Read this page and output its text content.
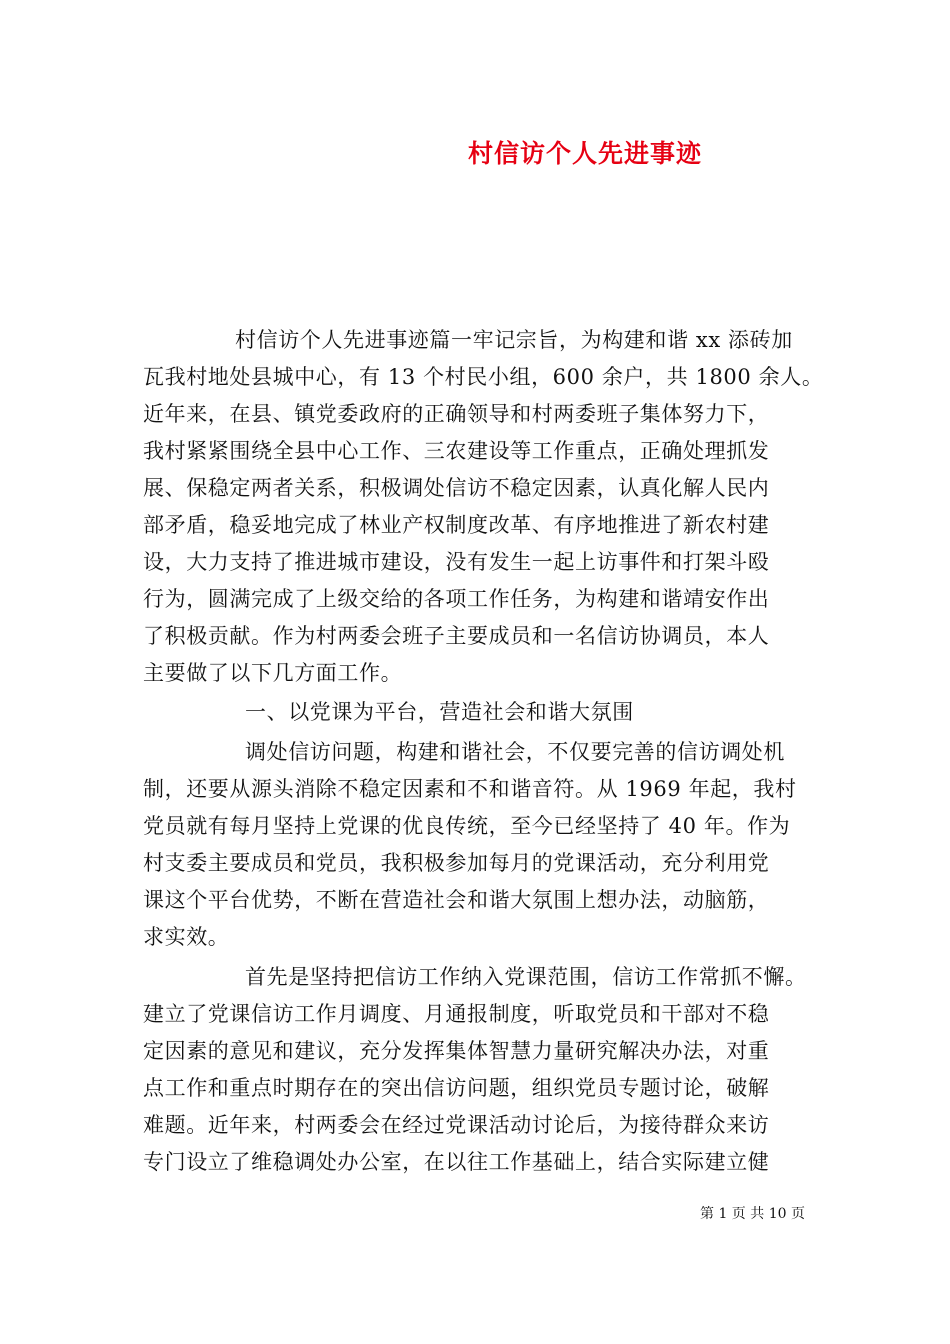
村信访个人先进事迹
村信访个人先进事迹篇一牢记宗旨，为构建和谐 xx 添砖加
瓦我村地处县城中心，有 13 个村民小组，600 余户，共 1800 余人。
近年来，在县、镇党委政府的正确领导和村两委班子集体努力下，
我村紧紧围绕全县中心工作、三农建设等工作重点，正确处理抓发
展、保稳定两者关系，积极调处信访不稳定因素，认真化解人民内
部矛盾，稳妥地完成了林业产权制度改革、有序地推进了新农村建
设，大力支持了推进城市建设，没有发生一起上访事件和打架斗殴
行为，圆满完成了上级交给的各项工作任务，为构建和谐靖安作出
了积极贡献。作为村两委会班子主要成员和一名信访协调员，本人
主要做了以下几方面工作。
一、以党课为平台，营造社会和谐大氛围
调处信访问题，构建和谐社会，不仅要完善的信访调处机
制，还要从源头消除不稳定因素和不和谐音符。从 1969 年起，我村
党员就有每月坚持上党课的优良传统，至今已经坚持了 40 年。作为
村支委主要成员和党员，我积极参加每月的党课活动，充分利用党
课这个平台优势，不断在营造社会和谐大氛围上想办法，动脑筋，
求实效。
首先是坚持把信访工作纳入党课范围，信访工作常抓不懈。
建立了党课信访工作月调度、月通报制度，听取党员和干部对不稳
定因素的意见和建议，充分发挥集体智慧力量研究解决办法，对重
点工作和重点时期存在的突出信访问题，组织党员专题讨论，破解
难题。近年来，村两委会在经过党课活动讨论后，为接待群众来访
专门设立了维稳调处办公室，在以往工作基础上，结合实际建立健
第 1 页 共 10 页
